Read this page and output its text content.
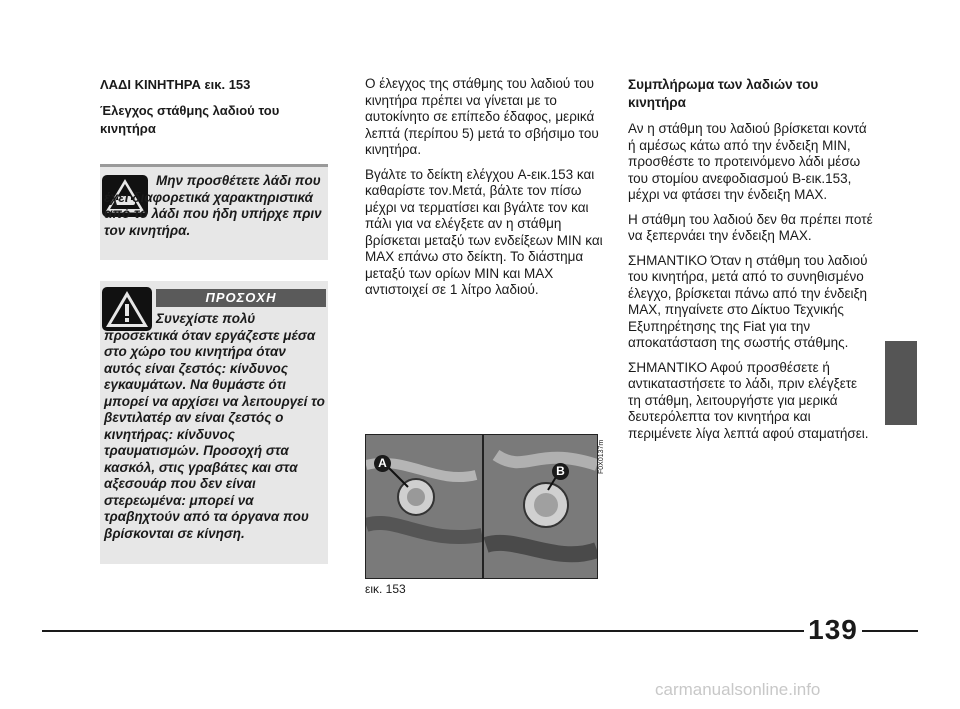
ΛΑΔΙ ΚΙΝΗΤΗΡΑ εικ. 153

Έλεγχος στάθμης λαδιού του κινητήρα

Μην προσθέτετε λάδι που έχει διαφορετικά χαρακτηριστικά από το λάδι που ήδη υπήρχε πριν τον κινητήρα.
ΠΡΟΣΟΧΗ
Συνεχίστε πολύ προσεκτικά όταν εργάζεστε μέσα στο χώρο του κινητήρα όταν αυτός είναι ζεστός: κίνδυνος εγκαυμάτων. Να θυμάστε ότι μπορεί να αρχίσει να λειτουργεί το βεντιλατέρ αν είναι ζεστός ο κινητήρας: κίνδυνος τραυματισμών. Προσοχή στα κασκόλ, στις γραβάτες και στα αξεσουάρ που δεν είναι στερεωμένα: μπορεί να τραβηχτούν από τα όργανα που βρίσκονται σε κίνηση.

Ο έλεγχος της στάθμης του λαδιού του κινητήρα πρέπει να γίνεται με το αυτοκίνητο σε επίπεδο έδαφος, μερικά λεπτά (περίπου 5) μετά το σβήσιμο του κινητήρα.

Βγάλτε το δείκτη ελέγχου A-εικ.153 και καθαρίστε τον.Μετά, βάλτε τον πίσω μέχρι να τερματίσει και βγάλτε τον και πάλι για να ελέγξετε αν η στάθμη βρίσκεται μεταξύ των ενδείξεων MIN και MAX επάνω στο δείκτη. Το διάστημα μεταξύ των ορίων MIN και MAX αντιστοιχεί σε 1 λίτρο λαδιού.

A
B	F0X0137m
εικ. 153

Συμπλήρωμα των λαδιών του κινητήρα

Αν η στάθμη του λαδιού βρίσκεται κοντά ή αμέσως κάτω από την ένδειξη MIN, προσθέστε το προτεινόμενο λάδι μέσω του στομίου ανεφοδιασμού B-εικ.153, μέχρι να φτάσει την ένδειξη MAX.

Η στάθμη του λαδιού δεν θα πρέπει ποτέ να ξεπερνάει την ένδειξη MAX.

ΣΗΜΑΝΤΙΚΟ Όταν η στάθμη του λαδιού του κινητήρα, μετά από το συνηθισμένο έλεγχο, βρίσκεται πάνω από την ένδειξη MAX, πηγαίνετε στο Δίκτυο Τεχνικής Εξυπηρέτησης της Fiat για την αποκατάσταση της σωστής στάθμης.

ΣΗΜΑΝΤΙΚΟ Αφού προσθέσετε ή αντικαταστήσετε το λάδι, πριν ελέγξετε τη στάθμη, λειτουργήστε για μερικά δευτερόλεπτα τον κινητήρα και περιμένετε λίγα λεπτά αφού σταματήσει.

139
carmanualsonline.info
